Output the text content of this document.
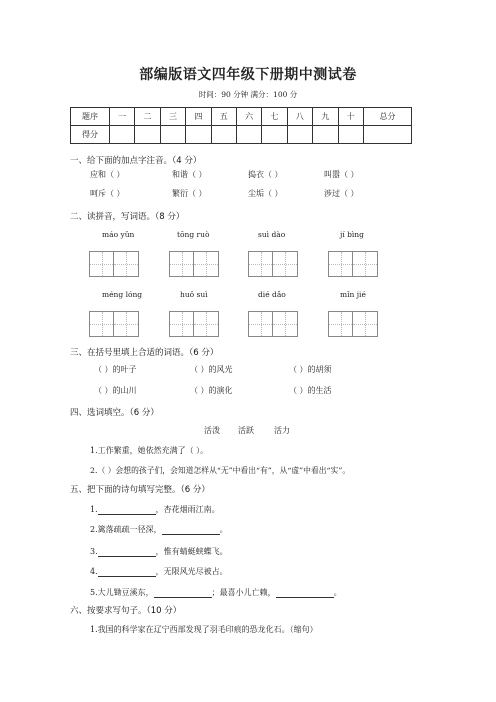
部编版语文四年级下册期中测试卷
时间：90 分钟 满分：100 分
题序	一	二	三	四	五	六	七	八	九	十	总分
得分											
一、给下面的加点字注音。（4 分）
应和（ ）	和谐（ ）	捣衣（ ）	叫嚣（ ）
呵斥（ ）	繁衍（ ）	尘垢（ ）	涉过（ ）
二、读拼音，写词语。（8 分）
máo yǔn	tōng ruò	suì dào	jí bìng
méng lóng	huǒ suì	dié dǎo	mǐn jié
三、在括号里填上合适的词语。（6 分）
（ ）的叶子	（ ）的风光	（ ）的胡须
（ ）的山川	（ ）的演化	（ ）的生活
四、选词填空。（6 分）
活泼 活跃	活力
1.工作繁重，她依然充满了（ ）。
2.（ ）会想的孩子们，会知道怎样从“无”中看出“有”，从“虚”中看出“实”。
五、把下面的诗句填写完整。（6 分）
1.	，杏花烟雨江南。
2.篱落疏疏一径深，	。
3.	，惟有蜻蜓蛱蝶飞。
4.	，无限风光尽被占。
5.大儿锄豆溪东，	；最喜小儿亡赖，	。
六、按要求写句子。（10 分）
1.我国的科学家在辽宁西部发现了羽毛印痕的恐龙化石。（缩句）
